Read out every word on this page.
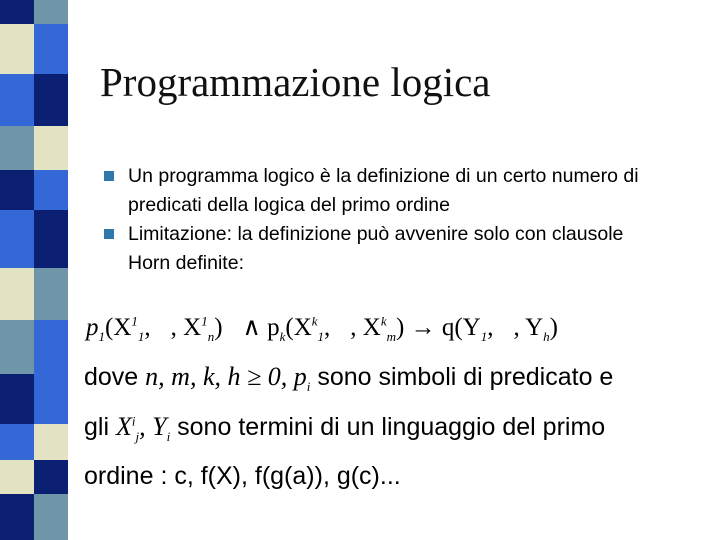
Programmazione logica
Un programma logico è la definizione di un certo numero di predicati della logica del primo ordine
Limitazione: la definizione può avvenire solo con clausole Horn definite:
$p_1(X^1_1$, , $X^1_n$) ∧ $p_k(X^k_1$, , $X^k_m) \to q(Y_1$, , $Y_h$)
dove n, m, k, h ≥ 0, $p_i$ sono simboli di predicato e
gli $X^i_j$, $Y_i$ sono termini di un linguaggio del primo
ordine : c, f(X), f(g(a)), g(c)...
